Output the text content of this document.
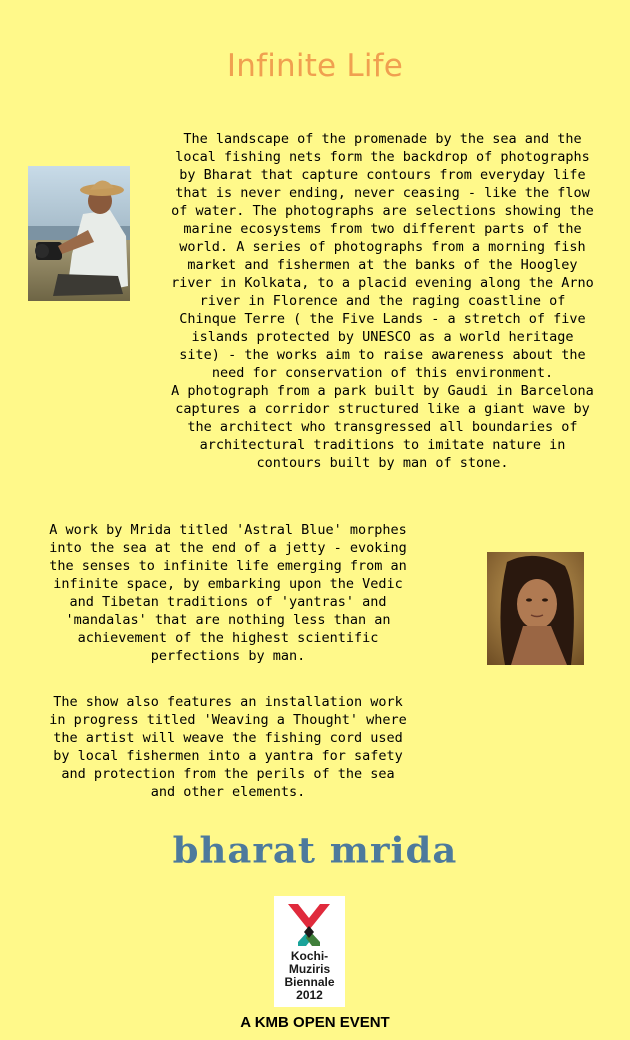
Infinite Life

The landscape of the promenade by the sea and the
local fishing nets form the backdrop of photographs
by Bharat that capture contours from everyday life
that is never ending, never ceasing - like the flow
of water. The photographs are selections showing the
marine ecosystems from two different parts of the
world. A series of photographs from a morning fish
market and fishermen at the banks of the Hoogley
river in Kolkata, to a placid evening along the Arno
river in Florence and the raging coastline of
Chinque Terre ( the Five Lands - a stretch of five
islands protected by UNESCO as a world heritage
site) - the works aim to raise awareness about the
need for conservation of this environment.
A photograph from a park built by Gaudi in Barcelona
captures a corridor structured like a giant wave by
the architect who transgressed all boundaries of
architectural traditions to imitate nature in
contours built by man of stone.

A work by Mrida titled 'Astral Blue' morphes
into the sea at the end of a jetty - evoking
the senses to infinite life emerging from an
infinite space, by embarking upon the Vedic
and Tibetan traditions of 'yantras' and
'mandalas' that are nothing less than an
achievement of the highest scientific
perfections by man.

The show also features an installation work
in progress titled 'Weaving a Thought' where
the artist will weave the fishing cord used
by local fishermen into a yantra for safety
and protection from the perils of the sea
and other elements.

bharat mrida
Kochi-
Muziris
Biennale
2012
A KMB OPEN EVENT
